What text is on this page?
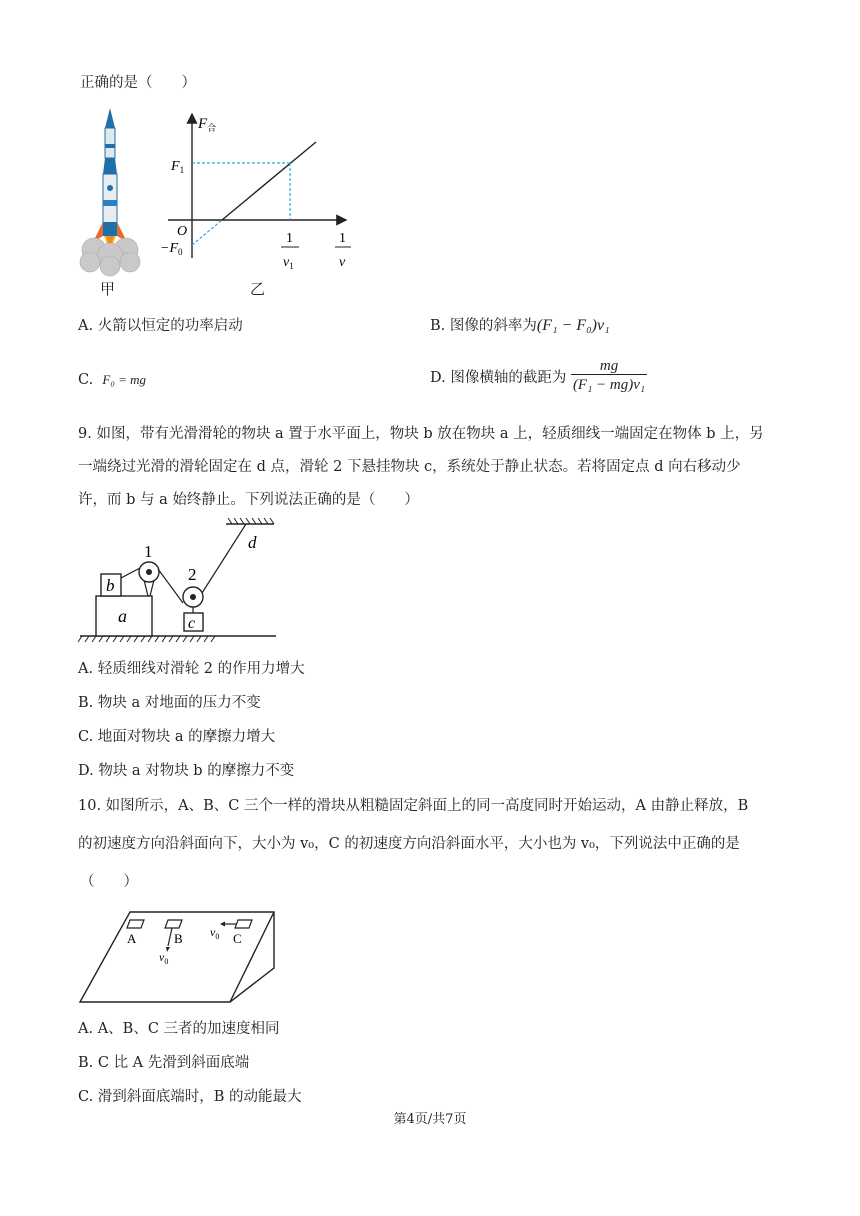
正确的是（　　）
甲
$F_合$
$F_1$
O
$-F_0$
1
$v_1$
1
v
乙
A. 火箭以恒定的功率启动	B. 图像的斜率为(F₁ − F₀)v₁
C. F₀ = mg	D. 图像横轴的截距为 $\frac{mg}{\text{(F₁ − mg)v₁}}$
9. 如图，带有光滑滑轮的物块 a 置于水平面上，物块 b 放在物块 a 上，轻质细线一端固定在物体 b 上，另
一端绕过光滑的滑轮固定在 d 点，滑轮 2 下悬挂物块 c，系统处于静止状态。若将固定点 d 向右移动少
许，而 b 与 a 始终静止。下列说法正确的是（　　）
d
a
b
1
2
c
A. 轻质细线对滑轮 2 的作用力增大
B. 物块 a 对地面的压力不变
C. 地面对物块 a 的摩擦力增大
D. 物块 a 对物块 b 的摩擦力不变
10. 如图所示，A、B、C 三个一样的滑块从粗糙固定斜面上的同一高度同时开始运动，A 由静止释放，B
的初速度方向沿斜面向下，大小为 v₀，C 的初速度方向沿斜面水平，大小也为 v₀，下列说法中正确的是
（　　）
A	B
$v_0$
C
$v_0$
A. A、B、C 三者的加速度相同
B. C 比 A 先滑到斜面底端
C. 滑到斜面底端时，B 的动能最大
第4页/共7页
